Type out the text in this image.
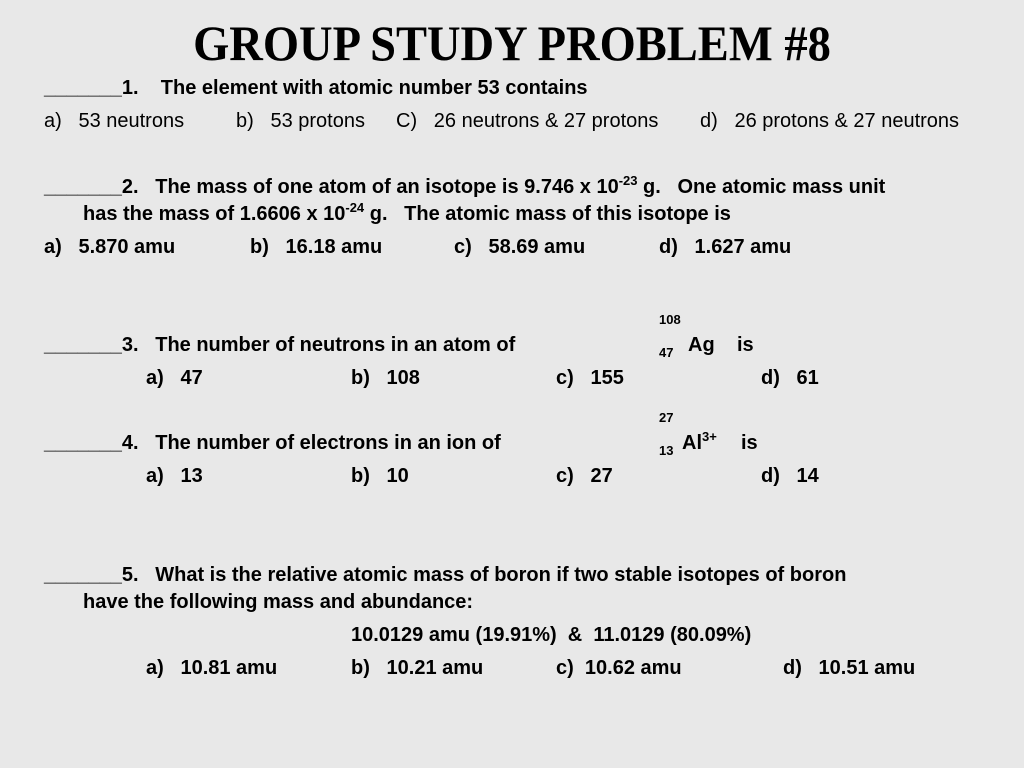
GROUP STUDY PROBLEM #8
_______1. The element with atomic number 53 contains
a)   53 neutrons	b)   53 protons C)   26 neutrons & 27 protons d)   26 protons & 27 neutrons
_______2.   The mass of one atom of an isotope is 9.746 x $10^{-23}$ g.   One atomic mass unit
has the mass of 1.6606 x $10^{-24}$ g.   The atomic mass of this isotope is
a)   5.870 amu	b)   16.18 amu	c)   58.69 amu	d)   1.627 amu
108
_______3.   The number of neutrons in an atom of	47 Ag is
a)   47	b)   108	c)   155	d)   61
27
_______4.   The number of electrons in an ion of	13 $Al^{3+}$ is
a)   13	b)   10	c)   27	d)   14
_______5.   What is the relative atomic mass of boron if two stable isotopes of boron
have the following mass and abundance:
10.0129 amu (19.91%)  &  11.0129 (80.09%)
a)   10.81 amu	b)   10.21 amu	c)  10.62 amu	d)   10.51 amu
